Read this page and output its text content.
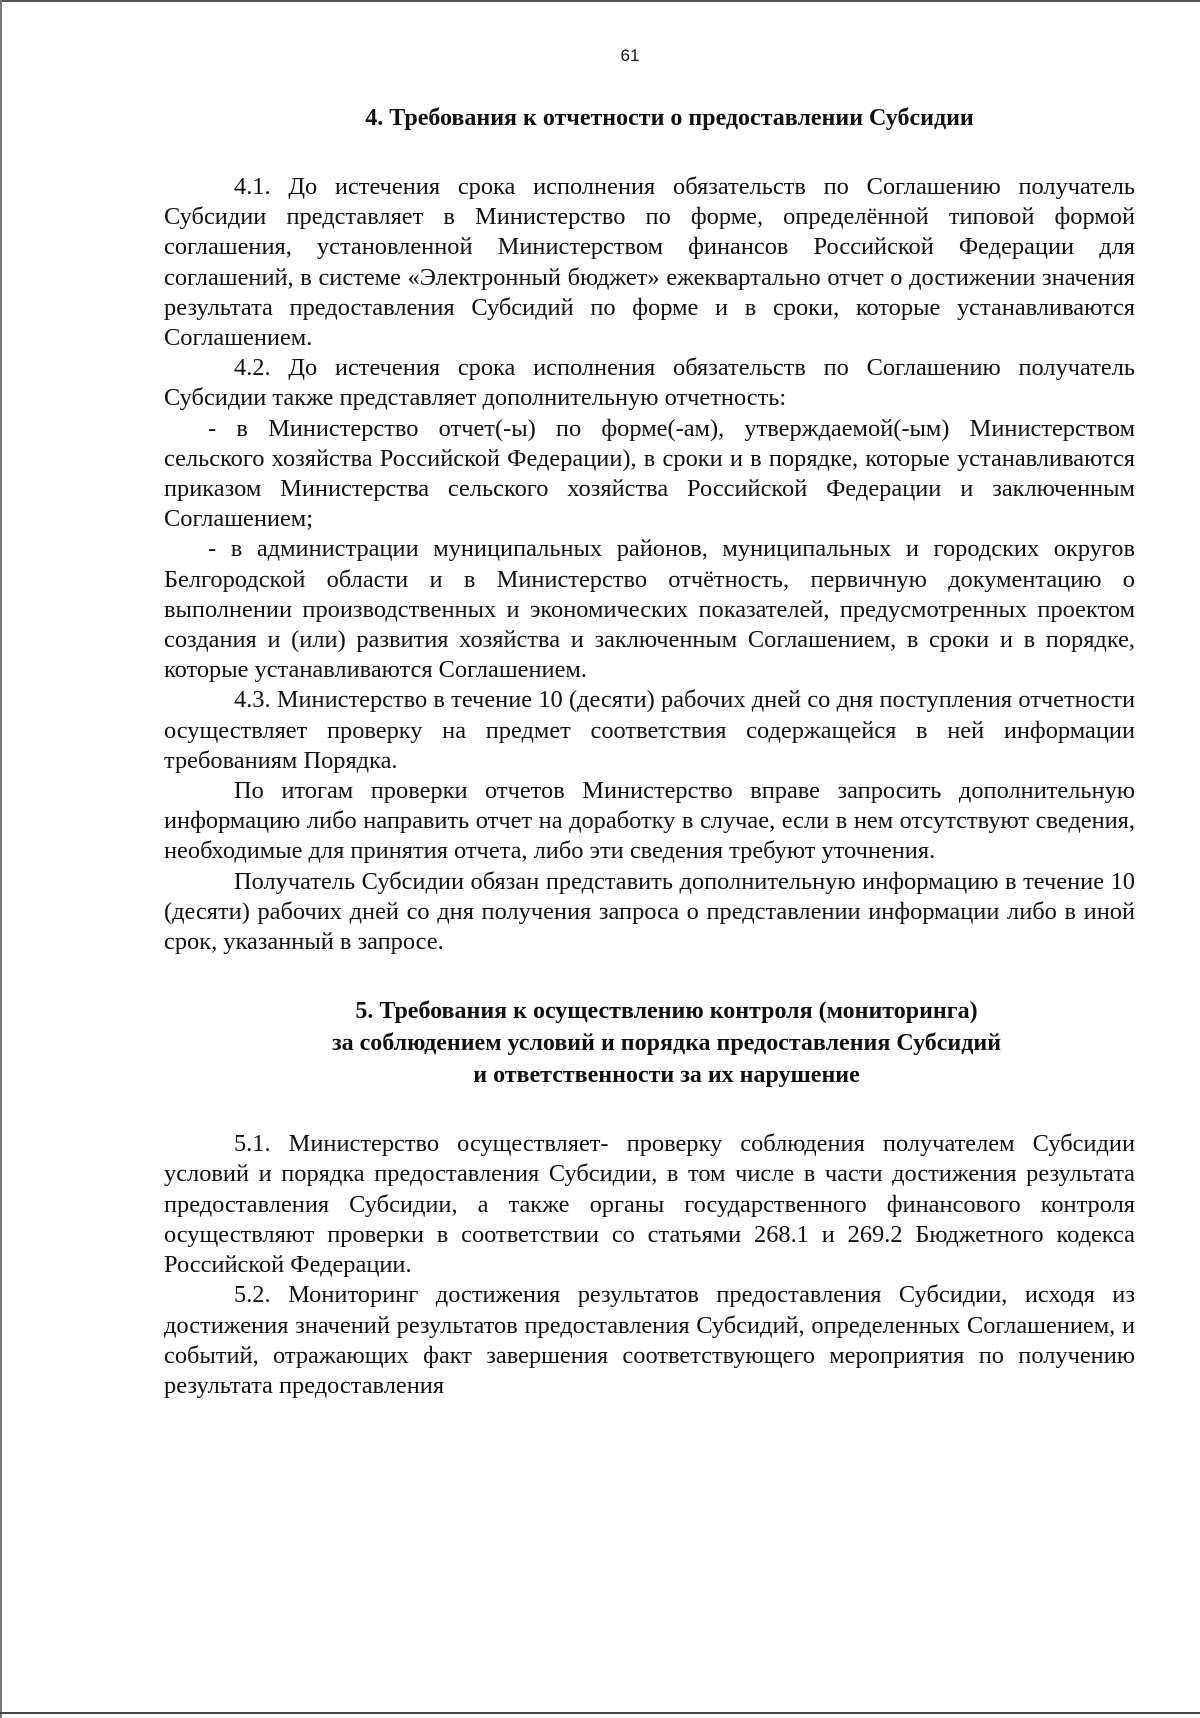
61
4. Требования к отчетности о предоставлении Субсидии

4.1. До истечения срока исполнения обязательств по Соглашению получатель Субсидии представляет в Министерство по форме, определённой типовой формой соглашения, установленной Министерством финансов Российской Федерации для соглашений, в системе «Электронный бюджет» ежеквартально отчет о достижении значения результата предоставления Субсидий по форме и в сроки, которые устанавливаются Соглашением.

4.2. До истечения срока исполнения обязательств по Соглашению получатель Субсидии также представляет дополнительную отчетность:

- в Министерство отчет(-ы) по форме(-ам), утверждаемой(-ым) Министерством сельского хозяйства Российской Федерации), в сроки и в порядке, которые устанавливаются приказом Министерства сельского хозяйства Российской Федерации и заключенным Соглашением;

- в администрации муниципальных районов, муниципальных и городских округов Белгородской области и в Министерство отчётность, первичную документацию о выполнении производственных и экономических показателей, предусмотренных проектом создания и (или) развития хозяйства и заключенным Соглашением, в сроки и в порядке, которые устанавливаются Соглашением.

4.3. Министерство в течение 10 (десяти) рабочих дней со дня поступления отчетности осуществляет проверку на предмет соответствия содержащейся в ней информации требованиям Порядка.

По итогам проверки отчетов Министерство вправе запросить дополнительную информацию либо направить отчет на доработку в случае, если в нем отсутствуют сведения, необходимые для принятия отчета, либо эти сведения требуют уточнения.

Получатель Субсидии обязан представить дополнительную информацию в течение 10 (десяти) рабочих дней со дня получения запроса о представлении информации либо в иной срок, указанный в запросе.

5. Требования к осуществлению контроля (мониторинга)
за соблюдением условий и порядка предоставления Субсидий
и ответственности за их нарушение

5.1. Министерство осуществляет- проверку соблюдения получателем Субсидии условий и порядка предоставления Субсидии, в том числе в части достижения результата предоставления Субсидии, а также органы государственного финансового контроля осуществляют проверки в соответствии со статьями 268.1 и 269.2 Бюджетного кодекса Российской Федерации.

5.2. Мониторинг достижения результатов предоставления Субсидии, исходя из достижения значений результатов предоставления Субсидий, определенных Соглашением, и событий, отражающих факт завершения соответствующего мероприятия по получению результата предоставления
